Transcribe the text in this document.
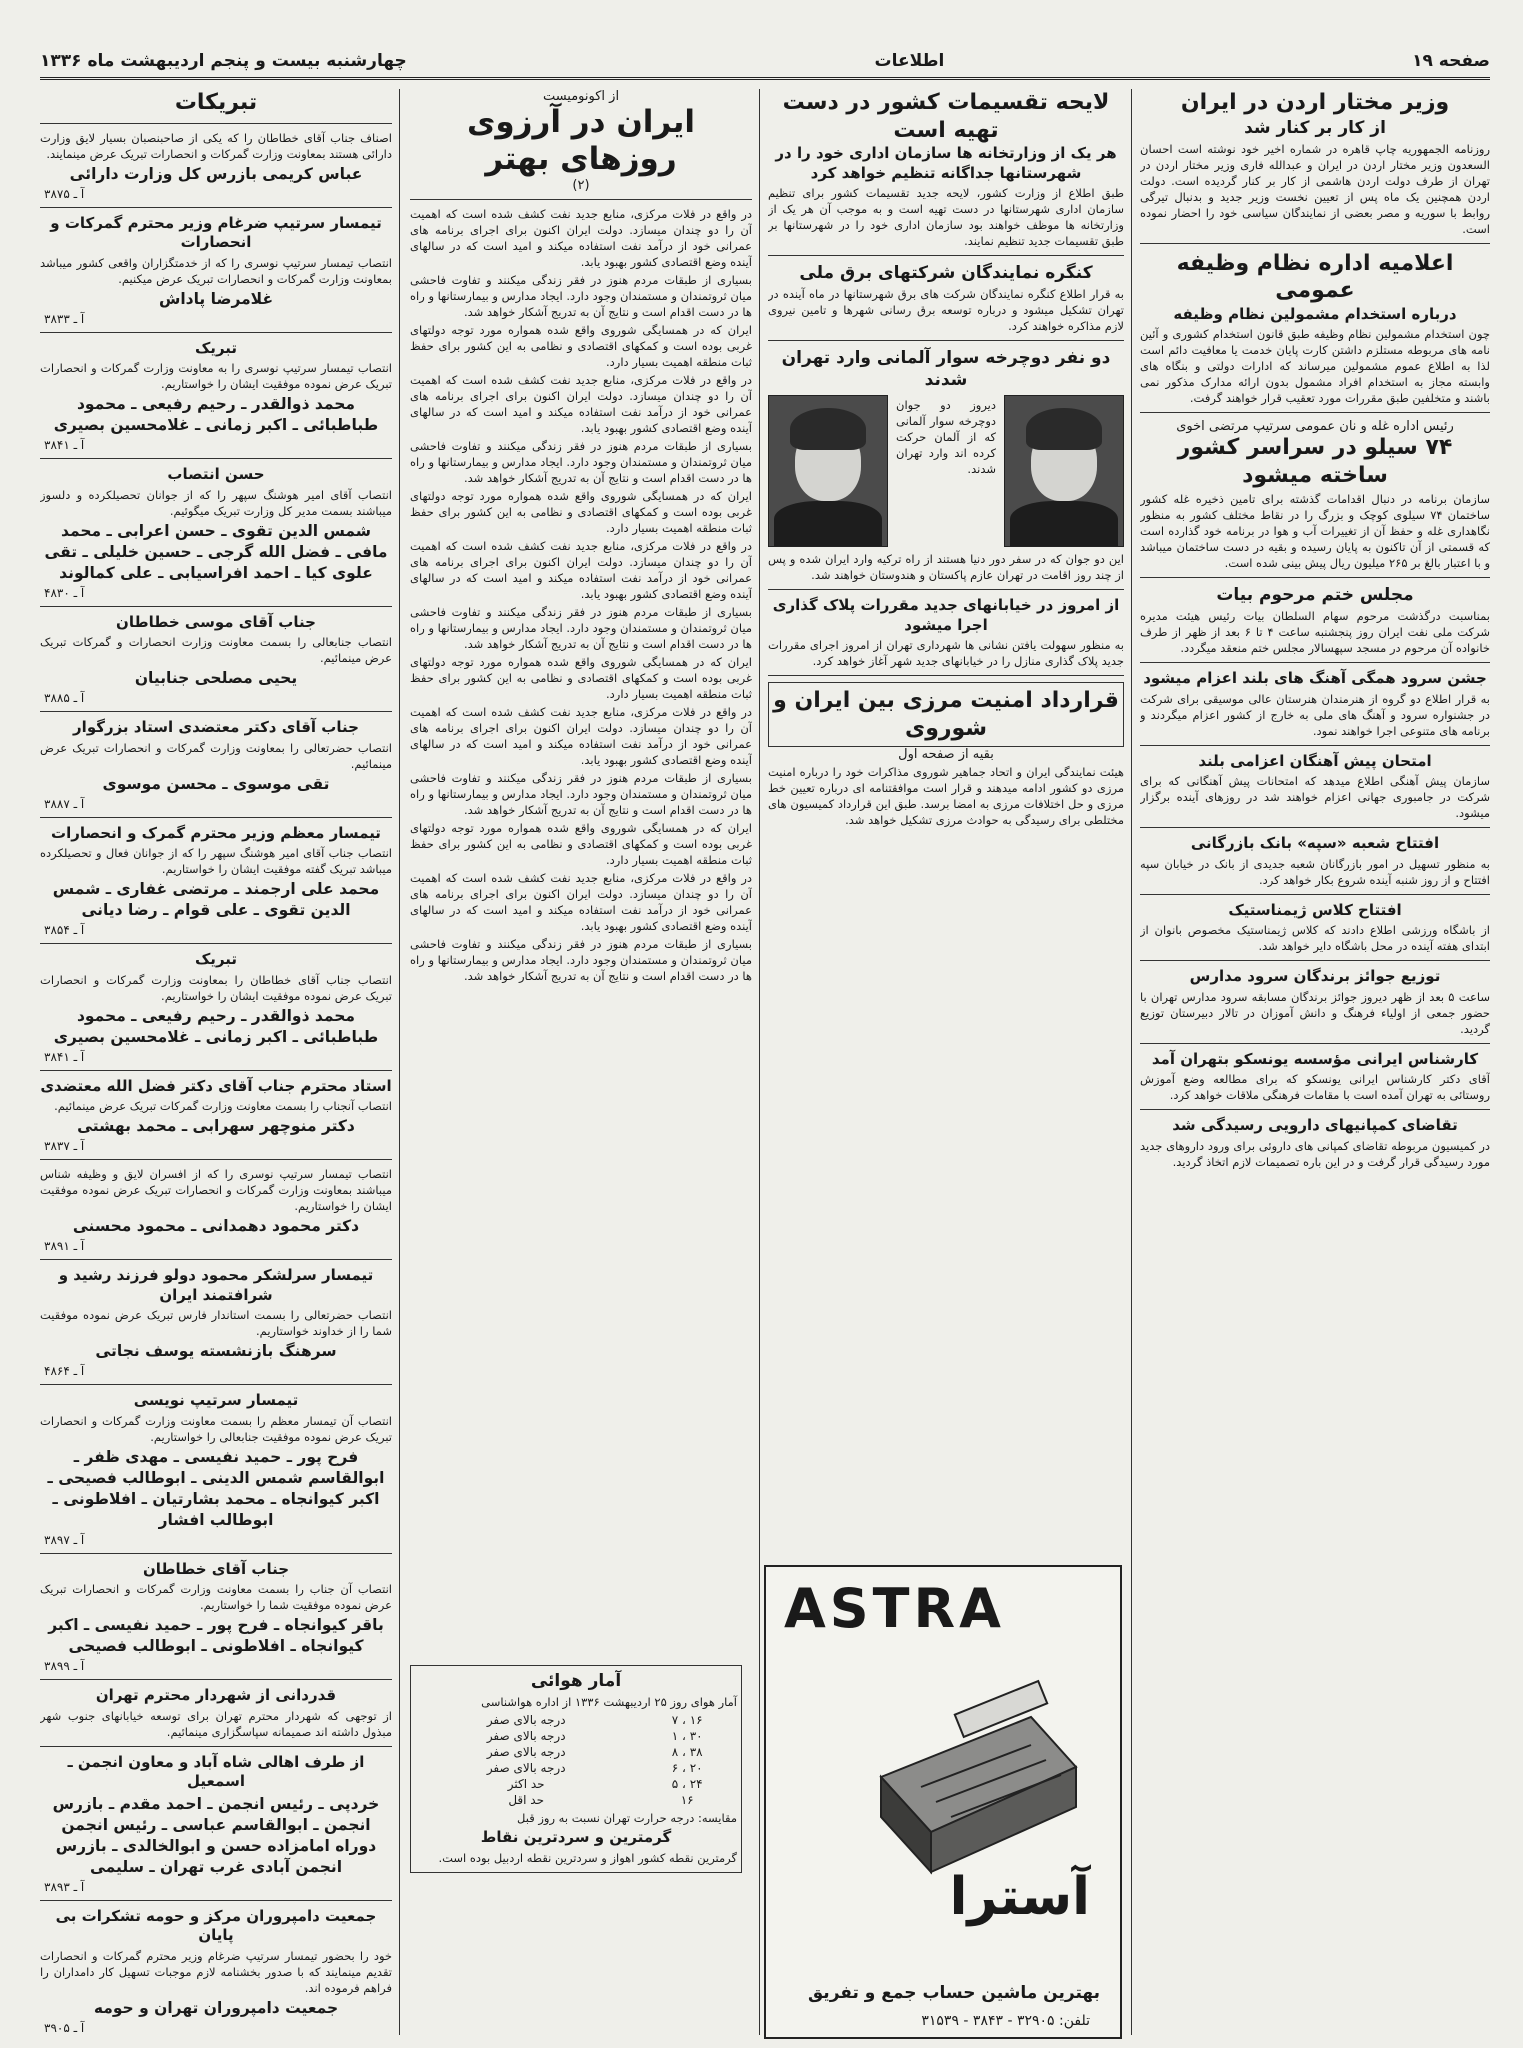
صفحه ۱۹
اطلاعات
چهارشنبه بیست و پنجم اردیبهشت ماه ۱۳۳۶
وزیر مختار اردن در ایران
از کار بر کنار شد

روزنامه الجمهوریه چاپ قاهره در شماره اخیر خود نوشته است احسان السعدون وزیر مختار اردن در ایران و عبدالله فاری وزیر مختار اردن در تهران از طرف دولت اردن هاشمی از کار بر کنار گردیده است. دولت اردن همچنین یک ماه پس از تعیین نخست وزیر جدید و بدنبال تیرگی روابط با سوریه و مصر بعضی از نمایندگان سیاسی خود را احضار نموده است.

اعلامیه اداره نظام وظیفه عمومی
درباره استخدام مشمولین نظام وظیفه

چون استخدام مشمولین نظام وظیفه طبق قانون استخدام کشوری و آئین نامه های مربوطه مستلزم داشتن کارت پایان خدمت یا معافیت دائم است لذا به اطلاع عموم مشمولین میرساند که ادارات دولتی و بنگاه های وابسته مجاز به استخدام افراد مشمول بدون ارائه مدارک مذکور نمی باشند و متخلفین طبق مقررات مورد تعقیب قرار خواهند گرفت.

رئیس اداره غله و نان عمومی سرتیپ مرتضی اخوی
۷۴ سیلو در سراسر کشور ساخته میشود

سازمان برنامه در دنبال اقدامات گذشته برای تامین ذخیره غله کشور ساختمان ۷۴ سیلوی کوچک و بزرگ را در نقاط مختلف کشور به منظور نگاهداری غله و حفظ آن از تغییرات آب و هوا در برنامه خود گذارده است که قسمتی از آن تاکنون به پایان رسیده و بقیه در دست ساختمان میباشد و با اعتبار بالغ بر ۲۶۵ میلیون ریال پیش بینی شده است.

مجلس ختم مرحوم بیات

بمناسبت درگذشت مرحوم سهام السلطان بیات رئیس هیئت مدیره شرکت ملی نفت ایران روز پنجشنبه ساعت ۴ تا ۶ بعد از ظهر از طرف خانواده آن مرحوم در مسجد سپهسالار مجلس ختم منعقد میگردد.

جشن سرود همگی آهنگ های بلند اعزام میشود

به قرار اطلاع دو گروه از هنرمندان هنرستان عالی موسیقی برای شرکت در جشنواره سرود و آهنگ های ملی به خارج از کشور اعزام میگردند و برنامه های متنوعی اجرا خواهند نمود.

امتحان پیش آهنگان اعزامی بلند

سازمان پیش آهنگی اطلاع میدهد که امتحانات پیش آهنگانی که برای شرکت در جامبوری جهانی اعزام خواهند شد در روزهای آینده برگزار میشود.

افتتاح شعبه «سپه» بانک بازرگانی

به منظور تسهیل در امور بازرگانان شعبه جدیدی از بانک در خیابان سپه افتتاح و از روز شنبه آینده شروع بکار خواهد کرد.

افتتاح کلاس ژیمناستیک

از باشگاه ورزشی اطلاع دادند که کلاس ژیمناستیک مخصوص بانوان از ابتدای هفته آینده در محل باشگاه دایر خواهد شد.

توزیع جوائز برندگان سرود مدارس

ساعت ۵ بعد از ظهر دیروز جوائز برندگان مسابقه سرود مدارس تهران با حضور جمعی از اولیاء فرهنگ و دانش آموزان در تالار دبیرستان توزیع گردید.

کارشناس ایرانی مؤسسه یونسکو بتهران آمد

آقای دکتر کارشناس ایرانی یونسکو که برای مطالعه وضع آموزش روستائی به تهران آمده است با مقامات فرهنگی ملاقات خواهد کرد.

تقاضای کمپانیهای دارویی رسیدگی شد

در کمیسیون مربوطه تقاضای کمپانی های داروئی برای ورود داروهای جدید مورد رسیدگی قرار گرفت و در این باره تصمیمات لازم اتخاذ گردید.

لایحه تقسیمات کشور در دست تهیه است
هر یک از وزارتخانه ها سازمان اداری خود را در شهرستانها جداگانه تنظیم خواهد کرد

طبق اطلاع از وزارت کشور، لایحه جدید تقسیمات کشور برای تنظیم سازمان اداری شهرستانها در دست تهیه است و به موجب آن هر یک از وزارتخانه ها موظف خواهند بود سازمان اداری خود را در شهرستانها بر طبق تقسیمات جدید تنظیم نمایند.

کنگره نمایندگان شرکتهای برق ملی

به قرار اطلاع کنگره نمایندگان شرکت های برق شهرستانها در ماه آینده در تهران تشکیل میشود و درباره توسعه برق رسانی شهرها و تامین نیروی لازم مذاکره خواهند کرد.

دو نفر دوچرخه سوار آلمانی وارد تهران شدند

دیروز دو جوان دوچرخه سوار آلمانی که از آلمان حرکت کرده اند وارد تهران شدند.

این دو جوان که در سفر دور دنیا هستند از راه ترکیه وارد ایران شده و پس از چند روز اقامت در تهران عازم پاکستان و هندوستان خواهند شد.

از امروز در خیابانهای جدید مقررات پلاک گذاری اجرا میشود

به منظور سهولت یافتن نشانی ها شهرداری تهران از امروز اجرای مقررات جدید پلاک گذاری منازل را در خیابانهای جدید شهر آغاز خواهد کرد.

قرارداد امنیت مرزی بین ایران و شوروی
بقیه از صفحه اول

هیئت نمایندگی ایران و اتحاد جماهیر شوروی مذاکرات خود را درباره امنیت مرزی دو کشور ادامه میدهند و قرار است موافقتنامه ای درباره تعیین خط مرزی و حل اختلافات مرزی به امضا برسد. طبق این قرارداد کمیسیون های مختلطی برای رسیدگی به حوادث مرزی تشکیل خواهد شد.

ASTRA
آسترا
بهترین ماشین حساب جمع و تفریق
تلفن: ۳۲۹۰۵ - ۳۸۴۳ - ۳۱۵۳۹
از اکونومیست
ایران در آرزوی روزهای بهتر
(۲)

در واقع در فلات مرکزی، منابع جدید نفت کشف شده است که اهمیت آن را دو چندان میسازد. دولت ایران اکنون برای اجرای برنامه های عمرانی خود از درآمد نفت استفاده میکند و امید است که در سالهای آینده وضع اقتصادی کشور بهبود یابد.

بسیاری از طبقات مردم هنوز در فقر زندگی میکنند و تفاوت فاحشی میان ثروتمندان و مستمندان وجود دارد. ایجاد مدارس و بیمارستانها و راه ها در دست اقدام است و نتایج آن به تدریج آشکار خواهد شد.

ایران که در همسایگی شوروی واقع شده همواره مورد توجه دولتهای غربی بوده است و کمکهای اقتصادی و نظامی به این کشور برای حفظ ثبات منطقه اهمیت بسیار دارد.

در واقع در فلات مرکزی، منابع جدید نفت کشف شده است که اهمیت آن را دو چندان میسازد. دولت ایران اکنون برای اجرای برنامه های عمرانی خود از درآمد نفت استفاده میکند و امید است که در سالهای آینده وضع اقتصادی کشور بهبود یابد.

بسیاری از طبقات مردم هنوز در فقر زندگی میکنند و تفاوت فاحشی میان ثروتمندان و مستمندان وجود دارد. ایجاد مدارس و بیمارستانها و راه ها در دست اقدام است و نتایج آن به تدریج آشکار خواهد شد.

ایران که در همسایگی شوروی واقع شده همواره مورد توجه دولتهای غربی بوده است و کمکهای اقتصادی و نظامی به این کشور برای حفظ ثبات منطقه اهمیت بسیار دارد.

در واقع در فلات مرکزی، منابع جدید نفت کشف شده است که اهمیت آن را دو چندان میسازد. دولت ایران اکنون برای اجرای برنامه های عمرانی خود از درآمد نفت استفاده میکند و امید است که در سالهای آینده وضع اقتصادی کشور بهبود یابد.

بسیاری از طبقات مردم هنوز در فقر زندگی میکنند و تفاوت فاحشی میان ثروتمندان و مستمندان وجود دارد. ایجاد مدارس و بیمارستانها و راه ها در دست اقدام است و نتایج آن به تدریج آشکار خواهد شد.

ایران که در همسایگی شوروی واقع شده همواره مورد توجه دولتهای غربی بوده است و کمکهای اقتصادی و نظامی به این کشور برای حفظ ثبات منطقه اهمیت بسیار دارد.

در واقع در فلات مرکزی، منابع جدید نفت کشف شده است که اهمیت آن را دو چندان میسازد. دولت ایران اکنون برای اجرای برنامه های عمرانی خود از درآمد نفت استفاده میکند و امید است که در سالهای آینده وضع اقتصادی کشور بهبود یابد.

بسیاری از طبقات مردم هنوز در فقر زندگی میکنند و تفاوت فاحشی میان ثروتمندان و مستمندان وجود دارد. ایجاد مدارس و بیمارستانها و راه ها در دست اقدام است و نتایج آن به تدریج آشکار خواهد شد.

ایران که در همسایگی شوروی واقع شده همواره مورد توجه دولتهای غربی بوده است و کمکهای اقتصادی و نظامی به این کشور برای حفظ ثبات منطقه اهمیت بسیار دارد.

در واقع در فلات مرکزی، منابع جدید نفت کشف شده است که اهمیت آن را دو چندان میسازد. دولت ایران اکنون برای اجرای برنامه های عمرانی خود از درآمد نفت استفاده میکند و امید است که در سالهای آینده وضع اقتصادی کشور بهبود یابد.

بسیاری از طبقات مردم هنوز در فقر زندگی میکنند و تفاوت فاحشی میان ثروتمندان و مستمندان وجود دارد. ایجاد مدارس و بیمارستانها و راه ها در دست اقدام است و نتایج آن به تدریج آشکار خواهد شد.

آمار هوائی

آمار هوای روز ۲۵ اردیبهشت ۱۳۳۶ از اداره هواشناسی

۱۶ ، ۷	درجه بالای صفر
۳۰ ، ۱	درجه بالای صفر
۳۸ ، ۸	درجه بالای صفر
۲۰ ، ۶	درجه بالای صفر
۲۴ ، ۵	حد اکثر
۱۶	حد اقل

مقایسه: درجه حرارت تهران نسبت به روز قبل

گرمترین و سردترین نقاط

گرمترین نقطه کشور اهواز و سردترین نقطه اردبیل بوده است.

تبریکات

اصناف جناب آقای خطاطان را که یکی از صاحبنصبان بسیار لایق وزارت دارائی هستند بمعاونت وزارت گمرکات و انحصارات تبریک عرض مینمایند.

عباس کریمی بازرس کل وزارت دارائی
آ ـ ۳۸۷۵
تیمسار سرتیپ ضرغام وزیر محترم گمرکات و انحصارات

انتصاب تیمسار سرتیپ نوسری را که از خدمتگزاران واقعی کشور میباشد بمعاونت وزارت گمرکات و انحصارات تبریک عرض میکنیم.

غلامرضا پاداش
آ ـ ۳۸۳۳
تبریک

انتصاب تیمسار سرتیپ نوسری را به معاونت وزارت گمرکات و انحصارات تبریک عرض نموده موفقیت ایشان را خواستاریم.

محمد ذوالقدر ـ رحیم رفیعی ـ محمود طباطبائی ـ اکبر زمانی ـ غلامحسین بصیری
آ ـ ۳۸۴۱
حسن انتصاب

انتصاب آقای امیر هوشنگ سپهر را که از جوانان تحصیلکرده و دلسوز میباشند بسمت مدیر کل وزارت تبریک میگوئیم.

شمس الدین تقوی ـ حسن اعرابی ـ محمد مافی ـ فضل الله گرجی ـ حسین خلیلی ـ تقی علوی کیا ـ احمد افراسیابی ـ علی کمالوند
آ ـ ۴۸۳۰
جناب آقای موسی خطاطان

انتصاب جنابعالی را بسمت معاونت وزارت انحصارات و گمرکات تبریک عرض مینمائیم.

یحیی مصلحی جنابیان
آ ـ ۳۸۸۵
جناب آقای دکتر معتضدی استاد بزرگوار

انتصاب حضرتعالی را بمعاونت وزارت گمرکات و انحصارات تبریک عرض مینمائیم.

تقی موسوی ـ محسن موسوی
آ ـ ۳۸۸۷
تیمسار معظم وزیر محترم گمرک و انحصارات

انتصاب جناب آقای امیر هوشنگ سپهر را که از جوانان فعال و تحصیلکرده میباشد تبریک گفته موفقیت ایشان را خواستاریم.

محمد علی ارجمند ـ مرتضی غفاری ـ شمس الدین تقوی ـ علی قوام ـ رضا دیانی
آ ـ ۳۸۵۴
تبریک

انتصاب جناب آقای خطاطان را بمعاونت وزارت گمرکات و انحصارات تبریک عرض نموده موفقیت ایشان را خواستاریم.

محمد ذوالقدر ـ رحیم رفیعی ـ محمود طباطبائی ـ اکبر زمانی ـ غلامحسین بصیری
آ ـ ۳۸۴۱
استاد محترم جناب آقای دکتر فضل الله معتضدی

انتصاب آنجناب را بسمت معاونت وزارت گمرکات تبریک عرض مینمائیم.

دکتر منوچهر سهرابی ـ محمد بهشتی
آ ـ ۳۸۳۷

انتصاب تیمسار سرتیپ نوسری را که از افسران لایق و وظیفه شناس میباشند بمعاونت وزارت گمرکات و انحصارات تبریک عرض نموده موفقیت ایشان را خواستاریم.

دکتر محمود دهمدانی ـ محمود محسنی
آ ـ ۳۸۹۱
تیمسار سرلشکر محمود دولو فرزند رشید و شرافتمند ایران

انتصاب حضرتعالی را بسمت استاندار فارس تبریک عرض نموده موفقیت شما را از خداوند خواستاریم.

سرهنگ بازنشسته یوسف نجاتی
آ ـ ۴۸۶۴
تیمسار سرتیپ نویسی

انتصاب آن تیمسار معظم را بسمت معاونت وزارت گمرکات و انحصارات تبریک عرض نموده موفقیت جنابعالی را خواستاریم.

فرح پور ـ حمید نفیسی ـ مهدی ظفر ـ ابوالقاسم شمس الدینی ـ ابوطالب فصیحی ـ اکبر کیوانجاه ـ محمد بشارتیان ـ افلاطونی ـ ابوطالب افشار
آ ـ ۳۸۹۷
جناب آقای خطاطان

انتصاب آن جناب را بسمت معاونت وزارت گمرکات و انحصارات تبریک عرض نموده موفقیت شما را خواستاریم.

باقر کیوانجاه ـ فرح پور ـ حمید نفیسی ـ اکبر کیوانجاه ـ افلاطونی ـ ابوطالب فصیحی
آ ـ ۳۸۹۹
قدردانی از شهردار محترم تهران

از توجهی که شهردار محترم تهران برای توسعه خیابانهای جنوب شهر مبذول داشته اند صمیمانه سپاسگزاری مینمائیم.

از طرف اهالی شاه آباد و معاون انجمن ـ اسمعیل
خردپی ـ رئیس انجمن ـ احمد مقدم ـ بازرس انجمن ـ ابوالقاسم عباسی ـ رئیس انجمن دوراه امامزاده حسن و ابوالخالدی ـ بازرس انجمن آبادی غرب تهران ـ سلیمی
آ ـ ۳۸۹۳
جمعیت دامپروران مرکز و حومه تشکرات بی پایان

خود را بحضور تیمسار سرتیپ ضرغام وزیر محترم گمرکات و انحصارات تقدیم مینمایند که با صدور بخشنامه لازم موجبات تسهیل کار دامداران را فراهم فرموده اند.

جمعیت دامپروران تهران و حومه
آ ـ ۳۹۰۵
